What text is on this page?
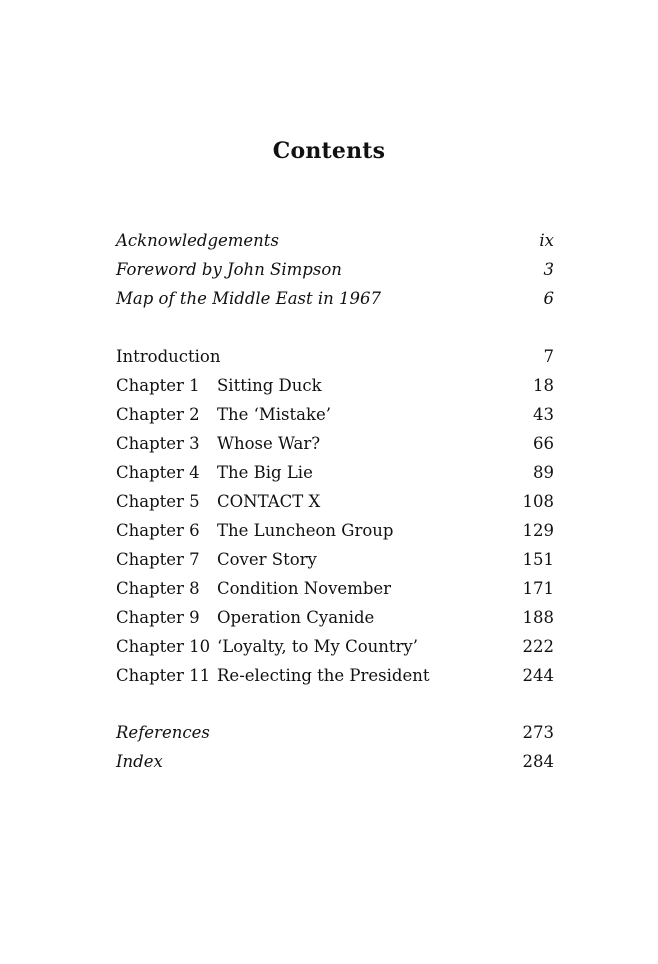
Contents
Acknowledgements	ix
Foreword by John Simpson	3
Map of the Middle East in 1967	6
Introduction	7
Chapter 1 Sitting Duck	18
Chapter 2 The ‘Mistake’	43
Chapter 3 Whose War?	66
Chapter 4 The Big Lie	89
Chapter 5 CONTACT X	108
Chapter 6 The Luncheon Group	129
Chapter 7 Cover Story	151
Chapter 8 Condition November	171
Chapter 9 Operation Cyanide	188
Chapter 10 ‘Loyalty, to My Country’	222
Chapter 11 Re-electing the President	244
References	273
Index	284
